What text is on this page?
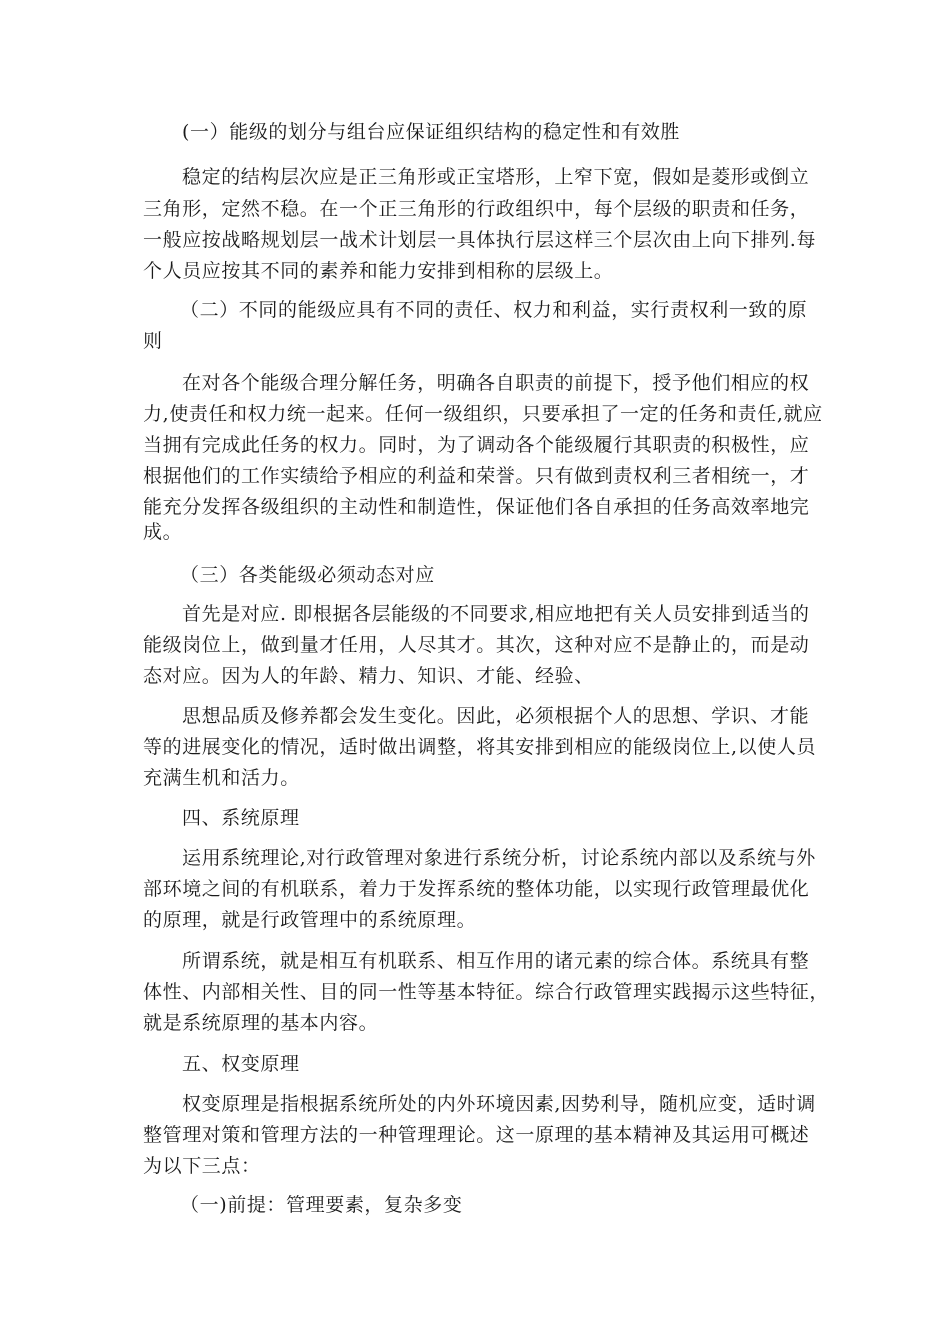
(一）能级的划分与组台应保证组织结构的稳定性和有效胜
稳定的结构层次应是正三角形或正宝塔形，上窄下宽，假如是菱形或倒立
三角形，定然不稳。在一个正三角形的行政组织中，每个层级的职责和任务，
一般应按战略规划层一战术计划层一具体执行层这样三个层次由上向下排列.每
个人员应按其不同的素养和能力安排到相称的层级上。
（二）不同的能级应具有不同的责任、权力和利益，实行责权利一致的原
则
在对各个能级合理分解任务，明确各自职责的前提下，授予他们相应的权
力,使责任和权力统一起来。任何一级组织，只要承担了一定的任务和责任,就应
当拥有完成此任务的权力。同时，为了调动各个能级履行其职责的积极性，应
根据他们的工作实绩给予相应的利益和荣誉。只有做到责权利三者相统一，才
能充分发挥各级组织的主动性和制造性，保证他们各自承担的任务高效率地完
成。
（三）各类能级必须动态对应
首先是对应. 即根据各层能级的不同要求,相应地把有关人员安排到适当的
能级岗位上，做到量才任用，人尽其才。其次，这种对应不是静止的，而是动
态对应。因为人的年龄、精力、知识、才能、经验、
思想品质及修养都会发生变化。因此，必须根据个人的思想、学识、才能
等的进展变化的情况，适时做出调整，将其安排到相应的能级岗位上,以使人员
充满生机和活力。
四、系统原理
运用系统理论,对行政管理对象进行系统分析，讨论系统内部以及系统与外
部环境之间的有机联系，着力于发挥系统的整体功能，以实现行政管理最优化
的原理，就是行政管理中的系统原理。
所谓系统，就是相互有机联系、相互作用的诸元素的综合体。系统具有整
体性、内部相关性、目的同一性等基本特征。综合行政管理实践揭示这些特征，
就是系统原理的基本内容。
五、权变原理
权变原理是指根据系统所处的内外环境因素,因势利导，随机应变，适时调
整管理对策和管理方法的一种管理理论。这一原理的基本精神及其运用可概述
为以下三点：
（一)前提：管理要素，复杂多变
